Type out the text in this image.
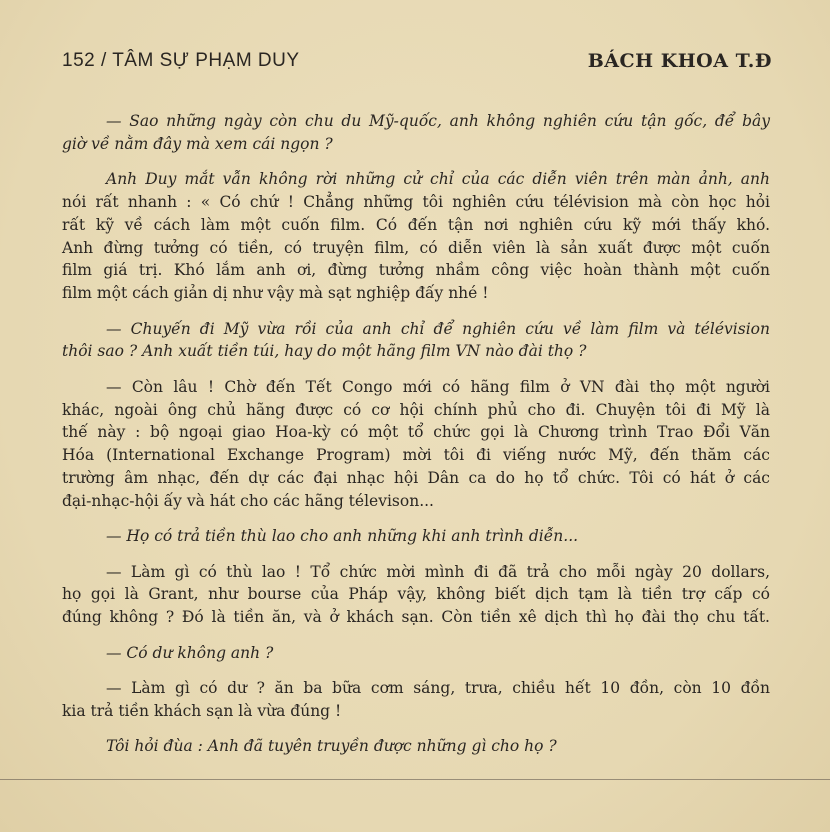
152 / TÂM SỰ PHẠM DUY	BÁCH KHOA T.Đ
— Sao những ngày còn chu du Mỹ-quốc, anh không nghiên cứu tận gốc, để bây
giờ về nằm đây mà xem cái ngọn ?
Anh Duy mắt vẫn không rời những cử chỉ của các diễn viên trên màn ảnh, anh
nói rất nhanh : « Có chứ ! Chẳng những tôi nghiên cứu télévision mà còn học hỏi
rất kỹ về cách làm một cuốn film. Có đến tận nơi nghiên cứu kỹ mới thấy khó.
Anh đừng tưởng có tiền, có truyện film, có diễn viên là sản xuất được một cuốn
film giá trị. Khó lắm anh ơi, đừng tưởng nhầm công việc hoàn thành một cuốn
film một cách giản dị như vậy mà sạt nghiệp đấy nhé !
— Chuyến đi Mỹ vừa rồi của anh chỉ để nghiên cứu về làm film và télévision
thôi sao ? Anh xuất tiền túi, hay do một hãng film VN nào đài thọ ?
— Còn lâu ! Chờ đến Tết Congo mới có hãng film ở VN đài thọ một người
khác, ngoài ông chủ hãng được có cơ hội chính phủ cho đi. Chuyện tôi đi Mỹ là
thế này : bộ ngoại giao Hoa-kỳ có một tổ chức gọi là Chương trình Trao Đổi Văn
Hóa (International Exchange Program) mời tôi đi viếng nước Mỹ, đến thăm các
trường âm nhạc, đến dự các đại nhạc hội Dân ca do họ tổ chức. Tôi có hát ở các
đại-nhạc-hội ấy và hát cho các hãng télevison...
— Họ có trả tiền thù lao cho anh những khi anh trình diễn...
— Làm gì có thù lao ! Tổ chức mời mình đi đã trả cho mỗi ngày 20 dollars,
họ gọi là Grant, như bourse của Pháp vậy, không biết dịch tạm là tiền trợ cấp có
đúng không ? Đó là tiền ăn, và ở khách sạn. Còn tiền xê dịch thì họ đài thọ chu tất.
— Có dư không anh ?
— Làm gì có dư ? ăn ba bữa cơm sáng, trưa, chiều hết 10 đồn, còn 10 đồn
kia trả tiền khách sạn là vừa đúng !
Tôi hỏi đùa : Anh đã tuyên truyền được những gì cho họ ?
